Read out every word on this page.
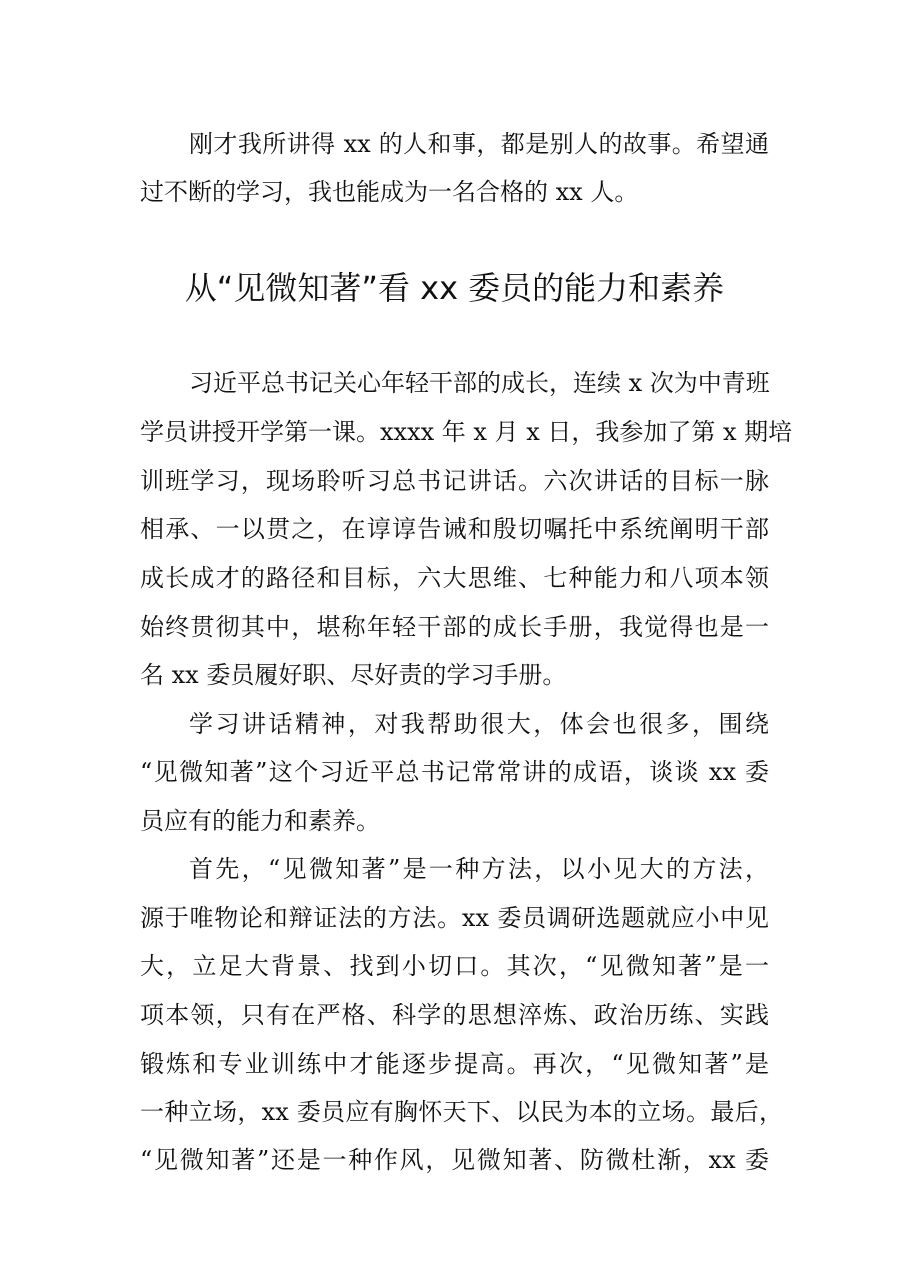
刚才我所讲得 xx 的人和事，都是别人的故事。希望通
过不断的学习，我也能成为一名合格的 xx 人。
从“见微知著”看 xx 委员的能力和素养
习近平总书记关心年轻干部的成长，连续 x 次为中青班
学员讲授开学第一课。xxxx 年 x 月 x 日，我参加了第 x 期培
训班学习，现场聆听习总书记讲话。六次讲话的目标一脉
相承、一以贯之，在谆谆告诫和殷切嘱托中系统阐明干部
成长成才的路径和目标，六大思维、七种能力和八项本领
始终贯彻其中，堪称年轻干部的成长手册，我觉得也是一
名 xx 委员履好职、尽好责的学习手册。
学习讲话精神，对我帮助很大，体会也很多，围绕
“见微知著”这个习近平总书记常常讲的成语，谈谈 xx 委
员应有的能力和素养。
首先，“见微知著”是一种方法，以小见大的方法，
源于唯物论和辩证法的方法。xx 委员调研选题就应小中见
大，立足大背景、找到小切口。其次，“见微知著”是一
项本领，只有在严格、科学的思想淬炼、政治历练、实践
锻炼和专业训练中才能逐步提高。再次，“见微知著”是
一种立场，xx 委员应有胸怀天下、以民为本的立场。最后，
“见微知著”还是一种作风，见微知著、防微杜渐，xx 委
